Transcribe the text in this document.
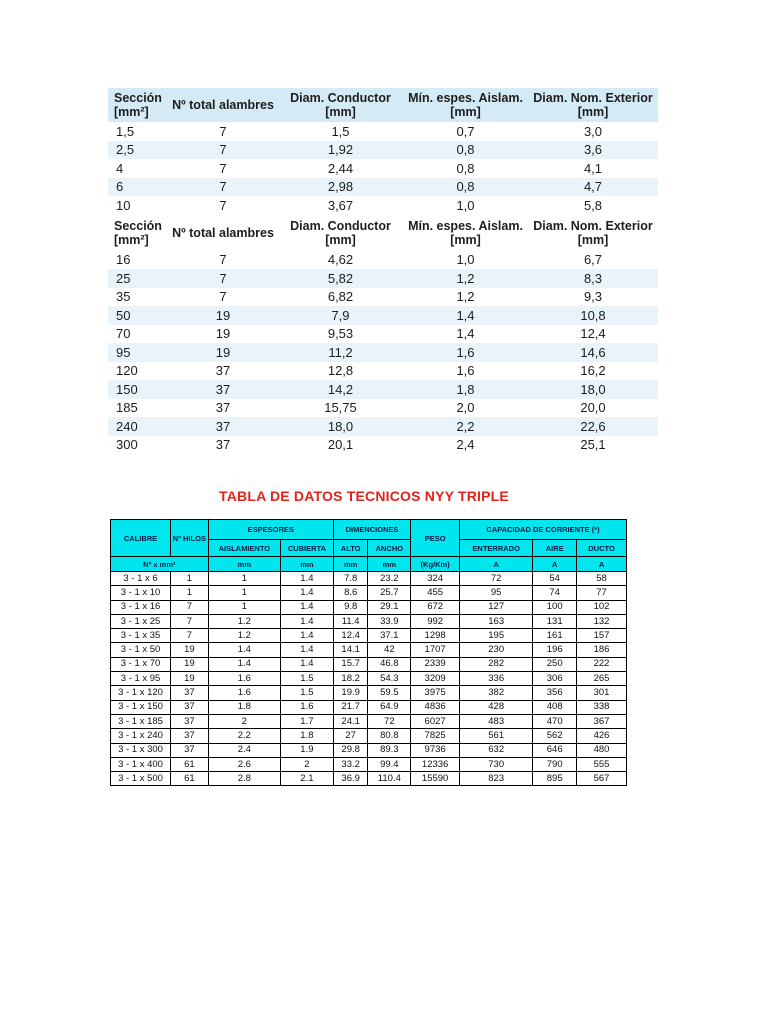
Sección [mm²]	Nº total alambres	Diam. Conductor [mm]	Mín. espes. Aislam. [mm]	Diam. Nom. Exterior [mm]
1,5	7	1,5	0,7	3,0
2,5	7	1,92	0,8	3,6
4	7	2,44	0,8	4,1
6	7	2,98	0,8	4,7
10	7	3,67	1,0	5,8
Sección [mm²]	Nº total alambres	Diam. Conductor [mm]	Mín. espes. Aislam. [mm]	Diam. Nom. Exterior [mm]
16	7	4,62	1,0	6,7
25	7	5,82	1,2	8,3
35	7	6,82	1,2	9,3
50	19	7,9	1,4	10,8
70	19	9,53	1,4	12,4
95	19	11,2	1,6	14,6
120	37	12,8	1,6	16,2
150	37	14,2	1,8	18,0
185	37	15,75	2,0	20,0
240	37	18,0	2,2	22,6
300	37	20,1	2,4	25,1
TABLA DE DATOS TECNICOS NYY TRIPLE
CALIBRE	Nº HILOS	ESPESORES		DIMENCIONES		PESO	CAPACIDAD DE CORRIENTE (*)		
		AISLAMIENTO	CUBIERTA	ALTO	ANCHO		ENTERRADO	AIRE	DUCTO
Nº x mm²		mm	mm	mm	mm	(Kg/Km)	A	A	A
3 - 1 x 6	1	1	1.4	7.8	23.2	324	72	54	58
3 - 1 x 10	1	1	1.4	8.6	25.7	455	95	74	77
3 - 1 x 16	7	1	1.4	9.8	29.1	672	127	100	102
3 - 1 x 25	7	1.2	1.4	11.4	33.9	992	163	131	132
3 - 1 x 35	7	1.2	1.4	12.4	37.1	1298	195	161	157
3 - 1 x 50	19	1.4	1.4	14.1	42	1707	230	196	186
3 - 1 x 70	19	1.4	1.4	15.7	46.8	2339	282	250	222
3 - 1 x 95	19	1.6	1.5	18.2	54.3	3209	336	306	265
3 - 1 x 120	37	1.6	1.5	19.9	59.5	3975	382	356	301
3 - 1 x 150	37	1.8	1.6	21.7	64.9	4836	428	408	338
3 - 1 x 185	37	2	1.7	24.1	72	6027	483	470	367
3 - 1 x 240	37	2.2	1.8	27	80.8	7825	561	562	426
3 - 1 x 300	37	2.4	1.9	29.8	89.3	9736	632	646	480
3 - 1 x 400	61	2.6	2	33.2	99.4	12336	730	790	555
3 - 1 x 500	61	2.8	2.1	36.9	110.4	15590	823	895	567
